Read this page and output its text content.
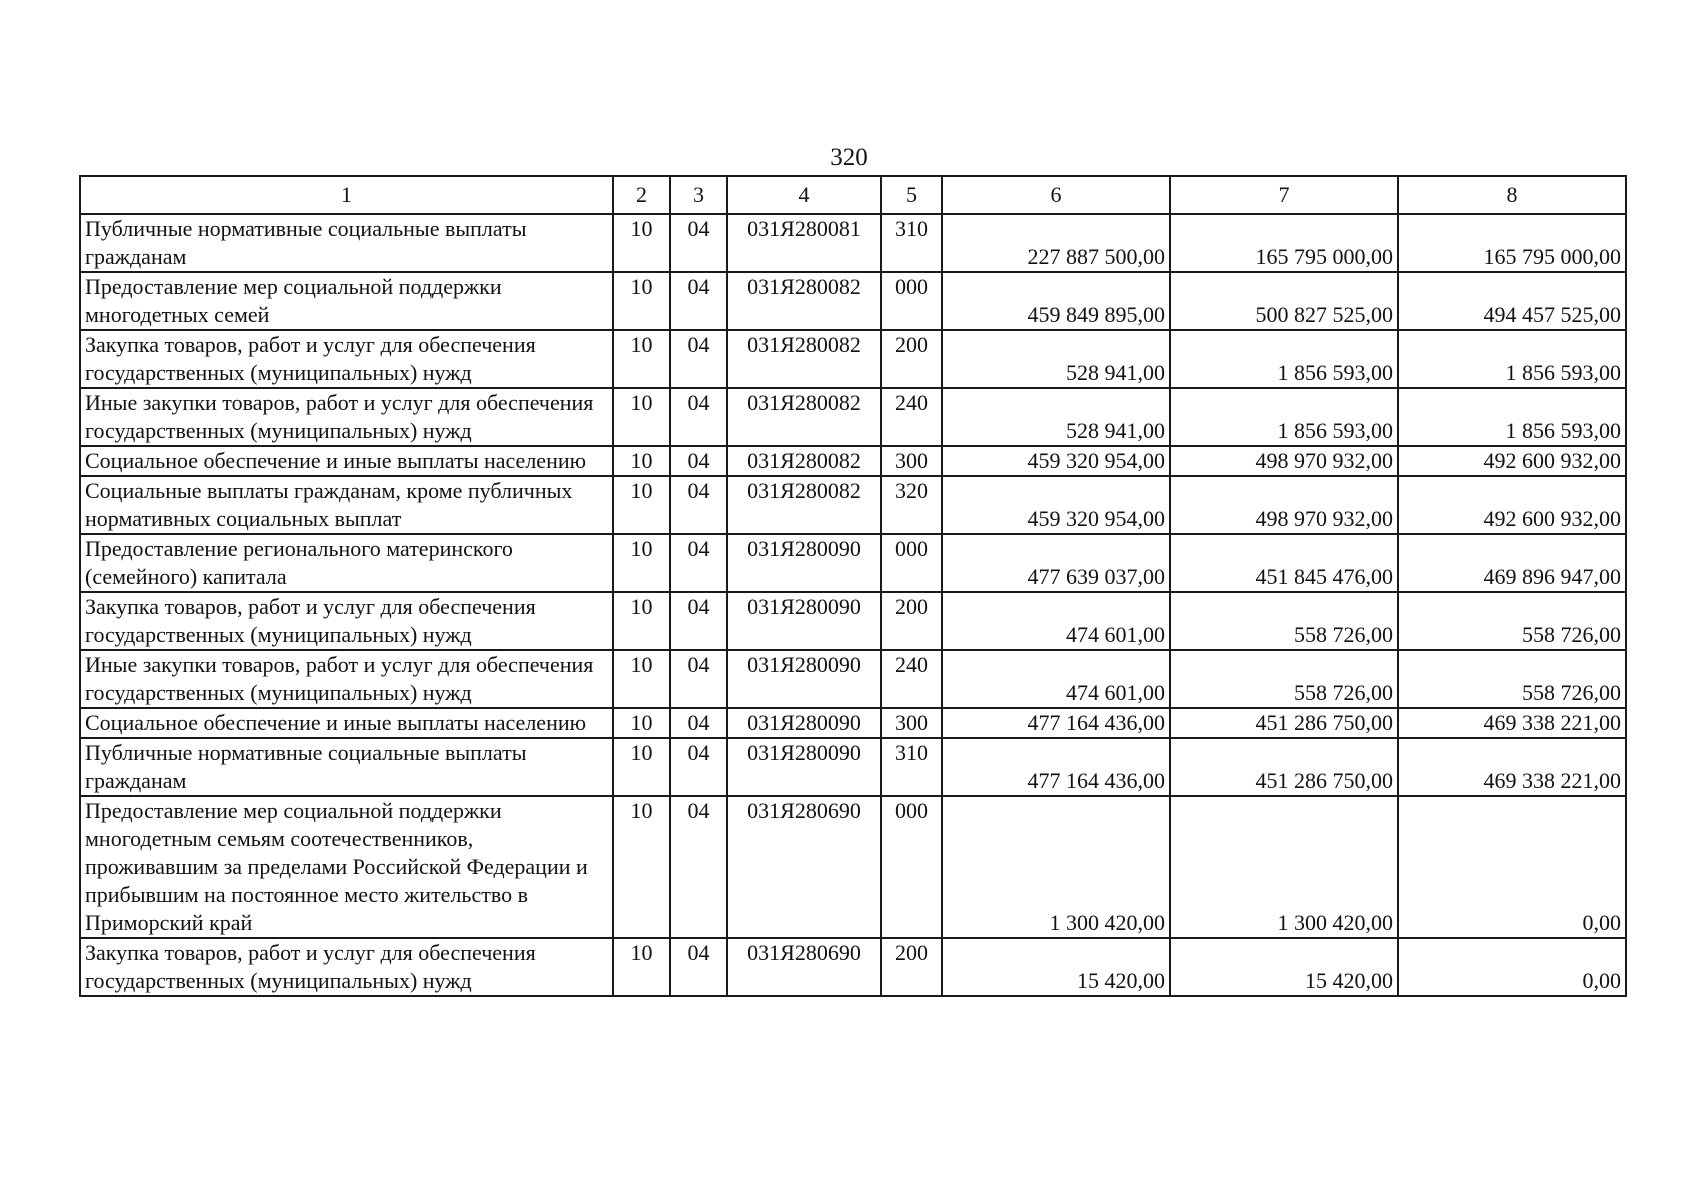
320
1	2	3	4	5	6	7	8
Публичные нормативные социальные выплаты гражданам	10	04	031Я280081	310	227 887 500,00	165 795 000,00	165 795 000,00
Предоставление мер социальной поддержки многодетных семей	10	04	031Я280082	000	459 849 895,00	500 827 525,00	494 457 525,00
Закупка товаров, работ и услуг для обеспечения государственных (муниципальных) нужд	10	04	031Я280082	200	528 941,00	1 856 593,00	1 856 593,00
Иные закупки товаров, работ и услуг для обеспечения государственных (муниципальных) нужд	10	04	031Я280082	240	528 941,00	1 856 593,00	1 856 593,00
Социальное обеспечение и иные выплаты населению	10	04	031Я280082	300	459 320 954,00	498 970 932,00	492 600 932,00
Социальные выплаты гражданам, кроме публичных нормативных социальных выплат	10	04	031Я280082	320	459 320 954,00	498 970 932,00	492 600 932,00
Предоставление регионального материнского (семейного) капитала	10	04	031Я280090	000	477 639 037,00	451 845 476,00	469 896 947,00
Закупка товаров, работ и услуг для обеспечения государственных (муниципальных) нужд	10	04	031Я280090	200	474 601,00	558 726,00	558 726,00
Иные закупки товаров, работ и услуг для обеспечения государственных (муниципальных) нужд	10	04	031Я280090	240	474 601,00	558 726,00	558 726,00
Социальное обеспечение и иные выплаты населению	10	04	031Я280090	300	477 164 436,00	451 286 750,00	469 338 221,00
Публичные нормативные социальные выплаты гражданам	10	04	031Я280090	310	477 164 436,00	451 286 750,00	469 338 221,00
Предоставление мер социальной поддержки многодетным семьям соотечественников, проживавшим за пределами Российской Федерации и прибывшим на постоянное место жительство в Приморский край	10	04	031Я280690	000	1 300 420,00	1 300 420,00	0,00
Закупка товаров, работ и услуг для обеспечения государственных (муниципальных) нужд	10	04	031Я280690	200	15 420,00	15 420,00	0,00
